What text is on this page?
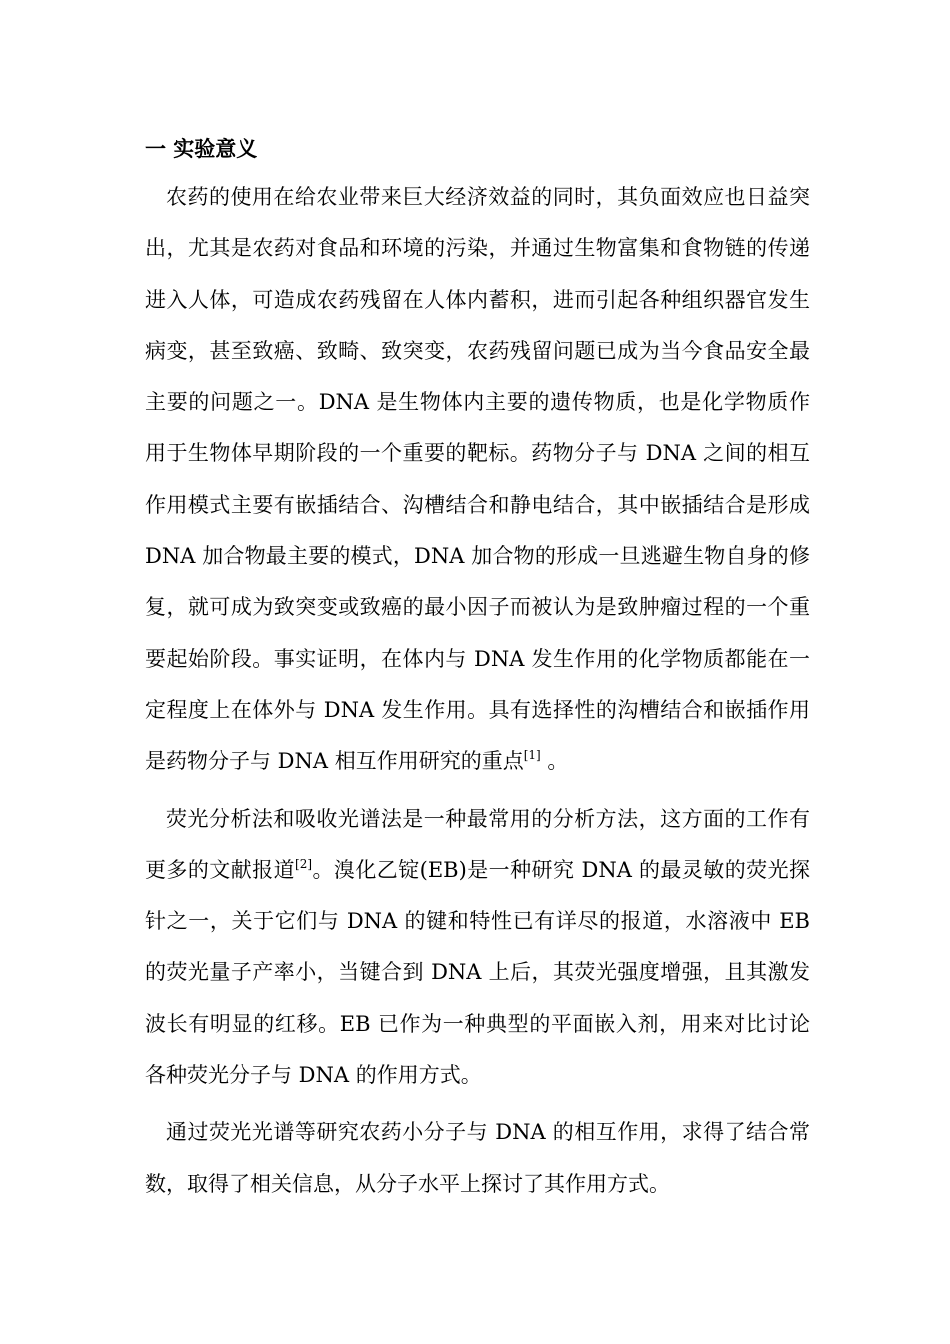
一 实验意义

农药的使用在给农业带来巨大经济效益的同时，其负面效应也日益突出，尤其是农药对食品和环境的污染，并通过生物富集和食物链的传递进入人体，可造成农药残留在人体内蓄积，进而引起各种组织器官发生病变，甚至致癌、致畸、致突变，农药残留问题已成为当今食品安全最主要的问题之一。DNA 是生物体内主要的遗传物质，也是化学物质作用于生物体早期阶段的一个重要的靶标。药物分子与 DNA 之间的相互作用模式主要有嵌插结合、沟槽结合和静电结合，其中嵌插结合是形成 DNA 加合物最主要的模式，DNA 加合物的形成一旦逃避生物自身的修复，就可成为致突变或致癌的最小因子而被认为是致肿瘤过程的一个重要起始阶段。事实证明，在体内与 DNA 发生作用的化学物质都能在一定程度上在体外与 DNA 发生作用。具有选择性的沟槽结合和嵌插作用是药物分子与 DNA 相互作用研究的重点[1] 。

荧光分析法和吸收光谱法是一种最常用的分析方法，这方面的工作有更多的文献报道[2]。溴化乙锭(EB)是一种研究 DNA 的最灵敏的荧光探针之一，关于它们与 DNA 的键和特性已有详尽的报道，水溶液中 EB 的荧光量子产率小，当键合到 DNA 上后，其荧光强度增强，且其激发波长有明显的红移。EB 已作为一种典型的平面嵌入剂，用来对比讨论各种荧光分子与 DNA 的作用方式。

通过荧光光谱等研究农药小分子与 DNA 的相互作用，求得了结合常数，取得了相关信息，从分子水平上探讨了其作用方式。
